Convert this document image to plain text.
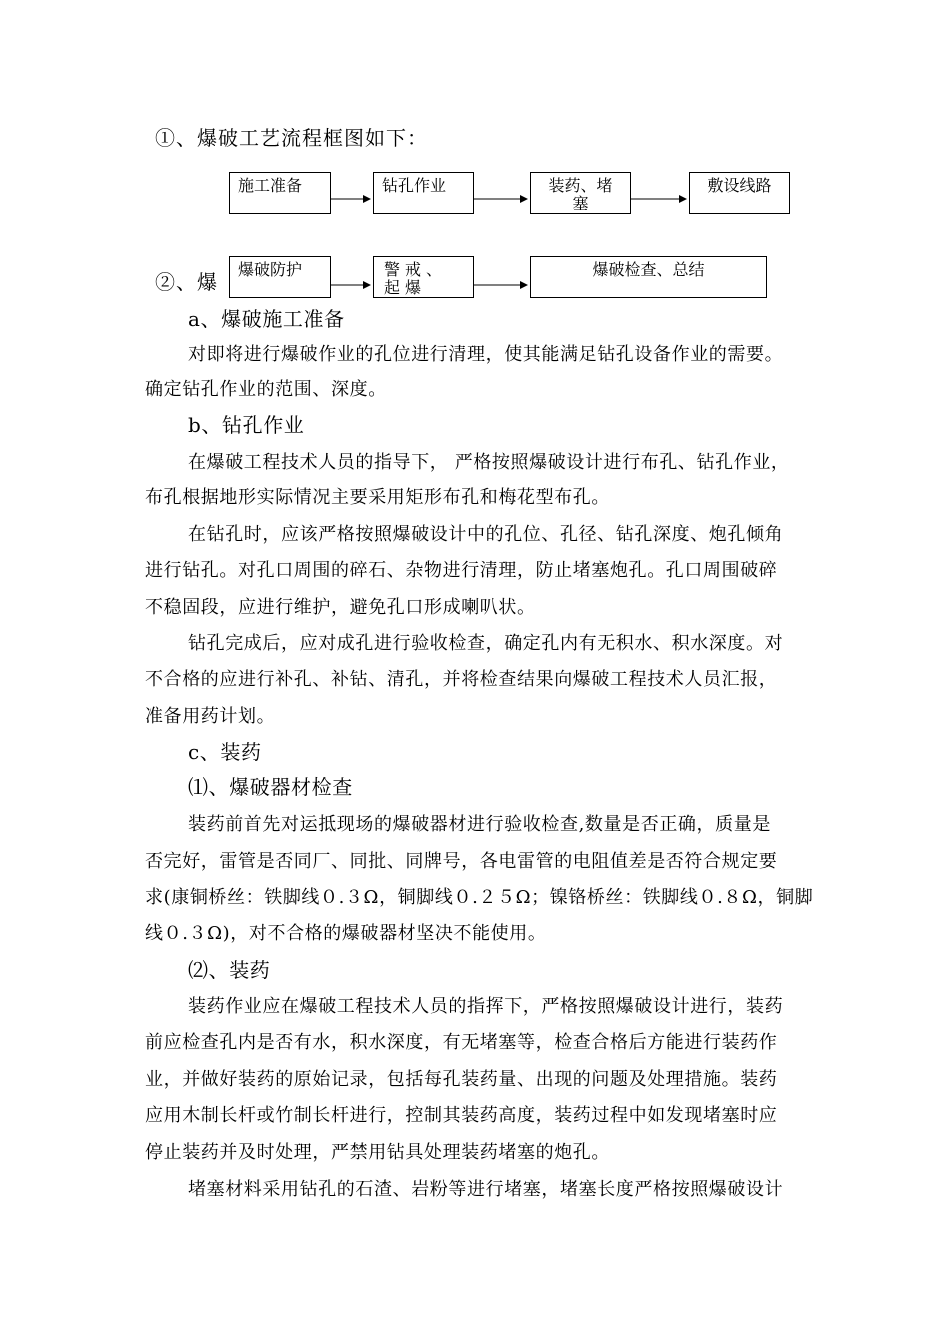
①、爆破工艺流程框图如下：
②、爆
施工准备	钻孔作业	装药、堵塞
敷设线路
爆破防护	警戒、起爆
爆破检查、总结
a、爆破施工准备
对即将进行爆破作业的孔位进行清理，使其能满足钻孔设备作业的需要。
确定钻孔作业的范围、深度。
b、钻孔作业
在爆破工程技术人员的指导下， 严格按照爆破设计进行布孔、钻孔作业，
布孔根据地形实际情况主要采用矩形布孔和梅花型布孔。
在钻孔时，应该严格按照爆破设计中的孔位、孔径、钻孔深度、炮孔倾角
进行钻孔。对孔口周围的碎石、杂物进行清理，防止堵塞炮孔。孔口周围破碎
不稳固段，应进行维护，避免孔口形成喇叭状。
钻孔完成后，应对成孔进行验收检查，确定孔内有无积水、积水深度。对
不合格的应进行补孔、补钻、清孔，并将检查结果向爆破工程技术人员汇报，
准备用药计划。
c、装药
⑴、爆破器材检查
装药前首先对运抵现场的爆破器材进行验收检查,数量是否正确，质量是
否完好，雷管是否同厂、同批、同牌号，各电雷管的电阻值差是否符合规定要
求(康铜桥丝：铁脚线０.３Ω，铜脚线０.２５Ω；镍铬桥丝：铁脚线０.８Ω，铜脚
线０.３Ω)，对不合格的爆破器材坚决不能使用。
⑵、装药
装药作业应在爆破工程技术人员的指挥下，严格按照爆破设计进行，装药
前应检查孔内是否有水，积水深度，有无堵塞等，检查合格后方能进行装药作
业，并做好装药的原始记录，包括每孔装药量、出现的问题及处理措施。装药
应用木制长杆或竹制长杆进行，控制其装药高度，装药过程中如发现堵塞时应
停止装药并及时处理，严禁用钻具处理装药堵塞的炮孔。
堵塞材料采用钻孔的石渣、岩粉等进行堵塞，堵塞长度严格按照爆破设计
